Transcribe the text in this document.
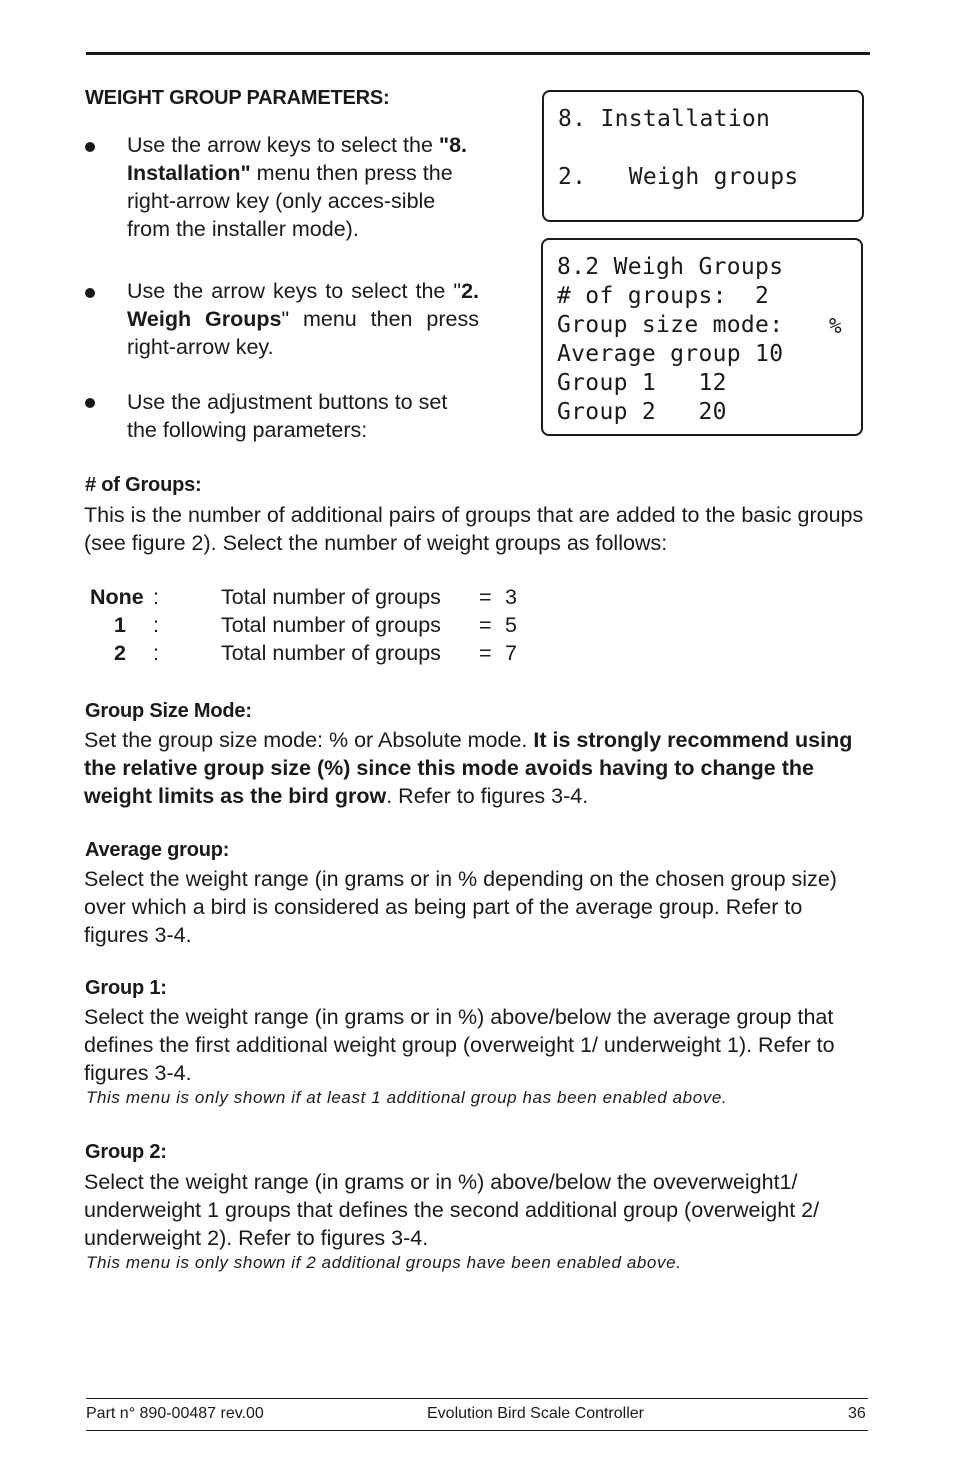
WEIGHT GROUP PARAMETERS:
Use the arrow keys to select the "8. Installation" menu then press the right-arrow key (only acces-sible from the installer mode).
Use the arrow keys to select the "2. Weigh Groups" menu then press right-arrow key.
Use the adjustment buttons to set the following parameters:
8. Installation
2.   Weigh groups
8.2 Weigh Groups
# of groups:  2
Group size mode: %
Average group 10
Group 1   12
Group 2   20
# of Groups:
This is the number of additional pairs of groups that are added to the basic groups (see figure 2). Select the number of weight groups as follows:
None :	Total number of groups = 3
1 :	Total number of groups = 5
2 :	Total number of groups = 7
Group Size Mode:
Set the group size mode: % or Absolute mode. It is strongly recommend using the relative group size (%) since this mode avoids having to change the weight limits as the bird grow. Refer to figures 3-4.
Average group:
Select the weight range (in grams or in % depending on the chosen group size) over which a bird is considered as being part of the average group. Refer to figures 3-4.
Group 1:
Select the weight range (in grams or in %) above/below the average group that defines the first additional weight group (overweight 1/ underweight 1). Refer to figures 3-4.
This menu is only shown if at least 1 additional group has been enabled above.
Group 2:
Select the weight range (in grams or in %) above/below the oveverweight1/ underweight 1 groups that defines the second additional group (overweight 2/ underweight 2). Refer to figures 3-4.
This menu is only shown if 2 additional groups have been enabled above.
Part n° 890-00487 rev.00	Evolution Bird Scale Controller	36
